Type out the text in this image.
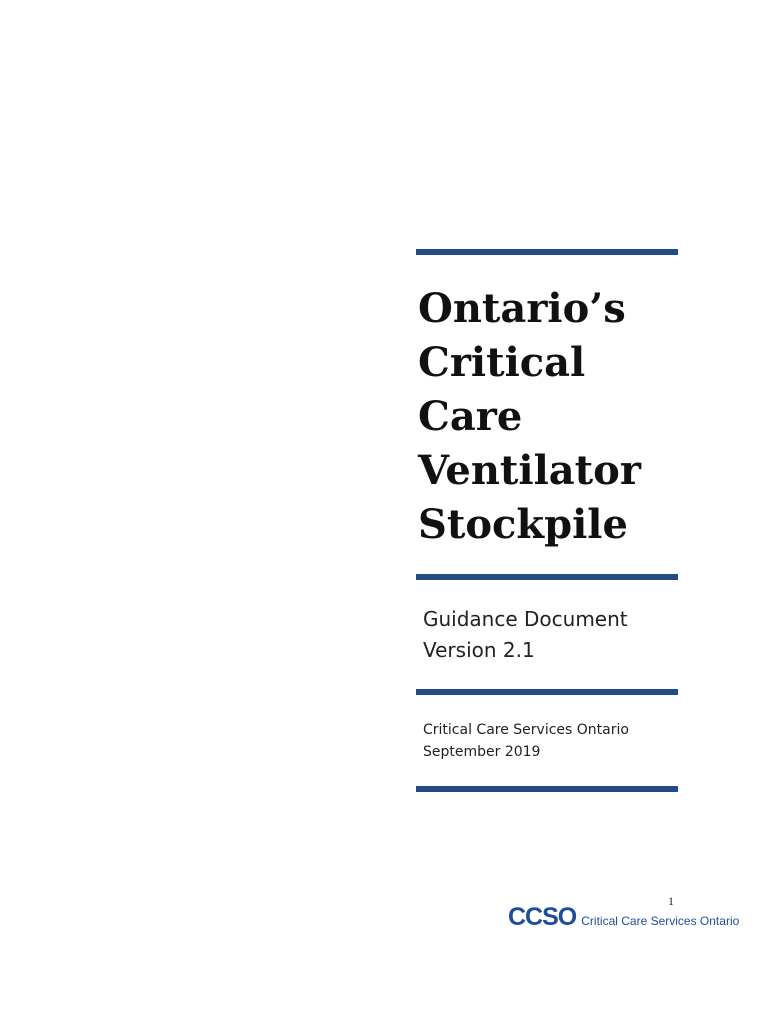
Ontario’s
Critical
Care
Ventilator
Stockpile
Guidance Document
Version 2.1
Critical Care Services Ontario
September 2019
1
CCSO Critical Care Services Ontario
